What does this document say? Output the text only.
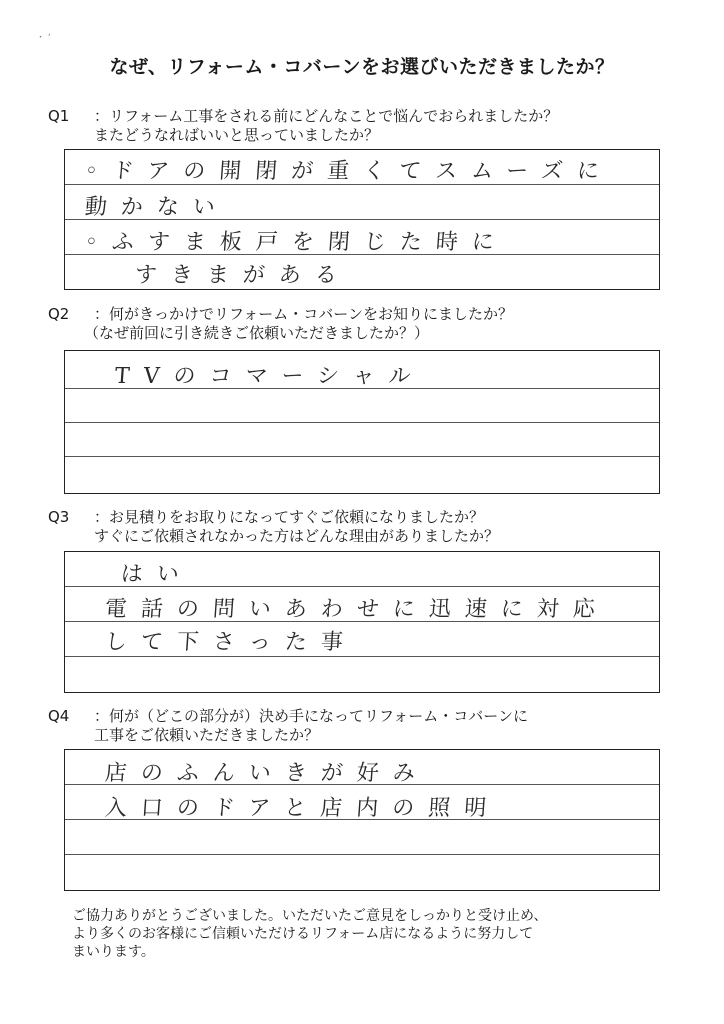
・ ‘
なぜ、リフォーム・コバーンをお選びいただきましたか？
Q1 ：リフォーム工事をされる前にどんなことで悩んでおられましたか？
またどうなればいいと思っていましたか？
◦ドアの開閉が重くてスムーズに
動かない
◦ふすま板戸を閉じた時に
すきまがある
Q2 ：何がきっかけでリフォーム・コバーンをお知りにましたか？
（なぜ前回に引き続きご依頼いただきましたか？）
TVのコマーシャル
Q3 ：お見積りをお取りになってすぐご依頼になりましたか？
すぐにご依頼されなかった方はどんな理由がありましたか？
はい
電話の問いあわせに迅速に対応
して下さった事
Q4 ：何が（どこの部分が）決め手になってリフォーム・コバーンに
工事をご依頼いただきましたか？
店のふんいきが好み
入口のドアと店内の照明
ご協力ありがとうございました。いただいたご意見をしっかりと受け止め、
より多くのお客様にご信頼いただけるリフォーム店になるように努力して
まいります。
